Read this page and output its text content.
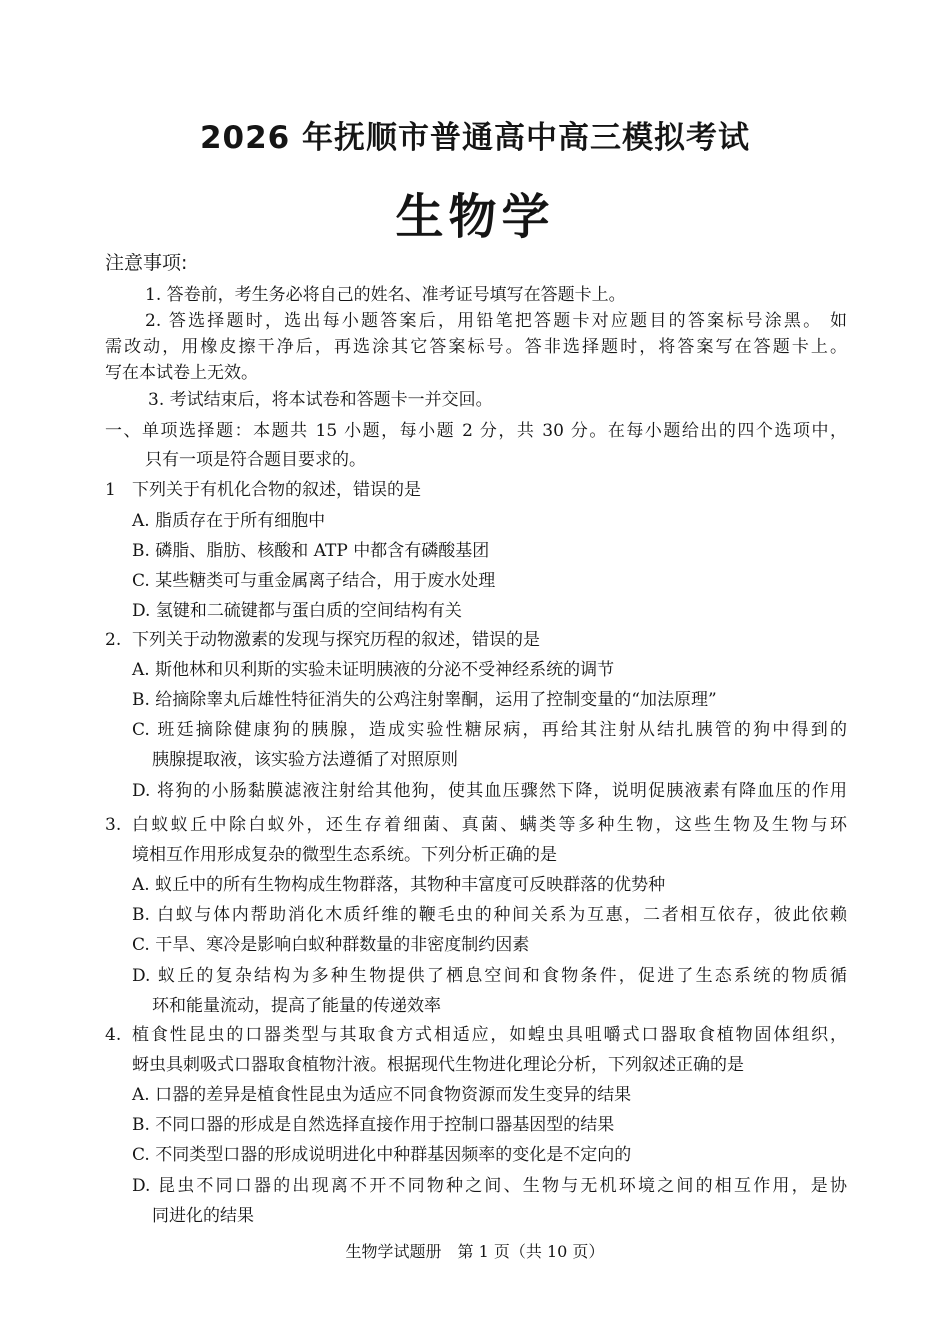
2026 年抚顺市普通高中高三模拟考试
生物学
注意事项:
1. 答卷前，考生务必将自己的姓名、准考证号填写在答题卡上。
2. 答选择题时，选出每小题答案后，用铅笔把答题卡对应题目的答案标号涂黑。 如
需改动，用橡皮擦干净后，再选涂其它答案标号。答非选择题时，将答案写在答题卡上。
写在本试卷上无效。
3. 考试结束后，将本试卷和答题卡一并交回。
一、单项选择题：本题共 15 小题，每小题 2 分，共 30 分。在每小题给出的四个选项中，
只有一项是符合题目要求的。
1 下列关于有机化合物的叙述，错误的是
A. 脂质存在于所有细胞中
B. 磷脂、脂肪、核酸和 ATP 中都含有磷酸基团
C. 某些糖类可与重金属离子结合，用于废水处理
D. 氢键和二硫键都与蛋白质的空间结构有关
2. 下列关于动物激素的发现与探究历程的叙述，错误的是
A. 斯他林和贝利斯的实验未证明胰液的分泌不受神经系统的调节
B. 给摘除睾丸后雄性特征消失的公鸡注射睾酮，运用了控制变量的“加法原理”
C. 班廷摘除健康狗的胰腺，造成实验性糖尿病，再给其注射从结扎胰管的狗中得到的
胰腺提取液，该实验方法遵循了对照原则
D. 将狗的小肠黏膜滤液注射给其他狗，使其血压骤然下降，说明促胰液素有降血压的作用
3. 白蚁蚁丘中除白蚁外，还生存着细菌、真菌、螨类等多种生物，这些生物及生物与环
境相互作用形成复杂的微型生态系统。下列分析正确的是
A. 蚁丘中的所有生物构成生物群落，其物种丰富度可反映群落的优势种
B. 白蚁与体内帮助消化木质纤维的鞭毛虫的种间关系为互惠，二者相互依存，彼此依赖
C. 干旱、寒冷是影响白蚁种群数量的非密度制约因素
D. 蚁丘的复杂结构为多种生物提供了栖息空间和食物条件，促进了生态系统的物质循
环和能量流动，提高了能量的传递效率
4. 植食性昆虫的口器类型与其取食方式相适应，如蝗虫具咀嚼式口器取食植物固体组织，
蚜虫具刺吸式口器取食植物汁液。根据现代生物进化理论分析，下列叙述正确的是
A. 口器的差异是植食性昆虫为适应不同食物资源而发生变异的结果
B. 不同口器的形成是自然选择直接作用于控制口器基因型的结果
C. 不同类型口器的形成说明进化中种群基因频率的变化是不定向的
D. 昆虫不同口器的出现离不开不同物种之间、生物与无机环境之间的相互作用，是协
同进化的结果
生物学试题册　第 1 页（共 10 页）
